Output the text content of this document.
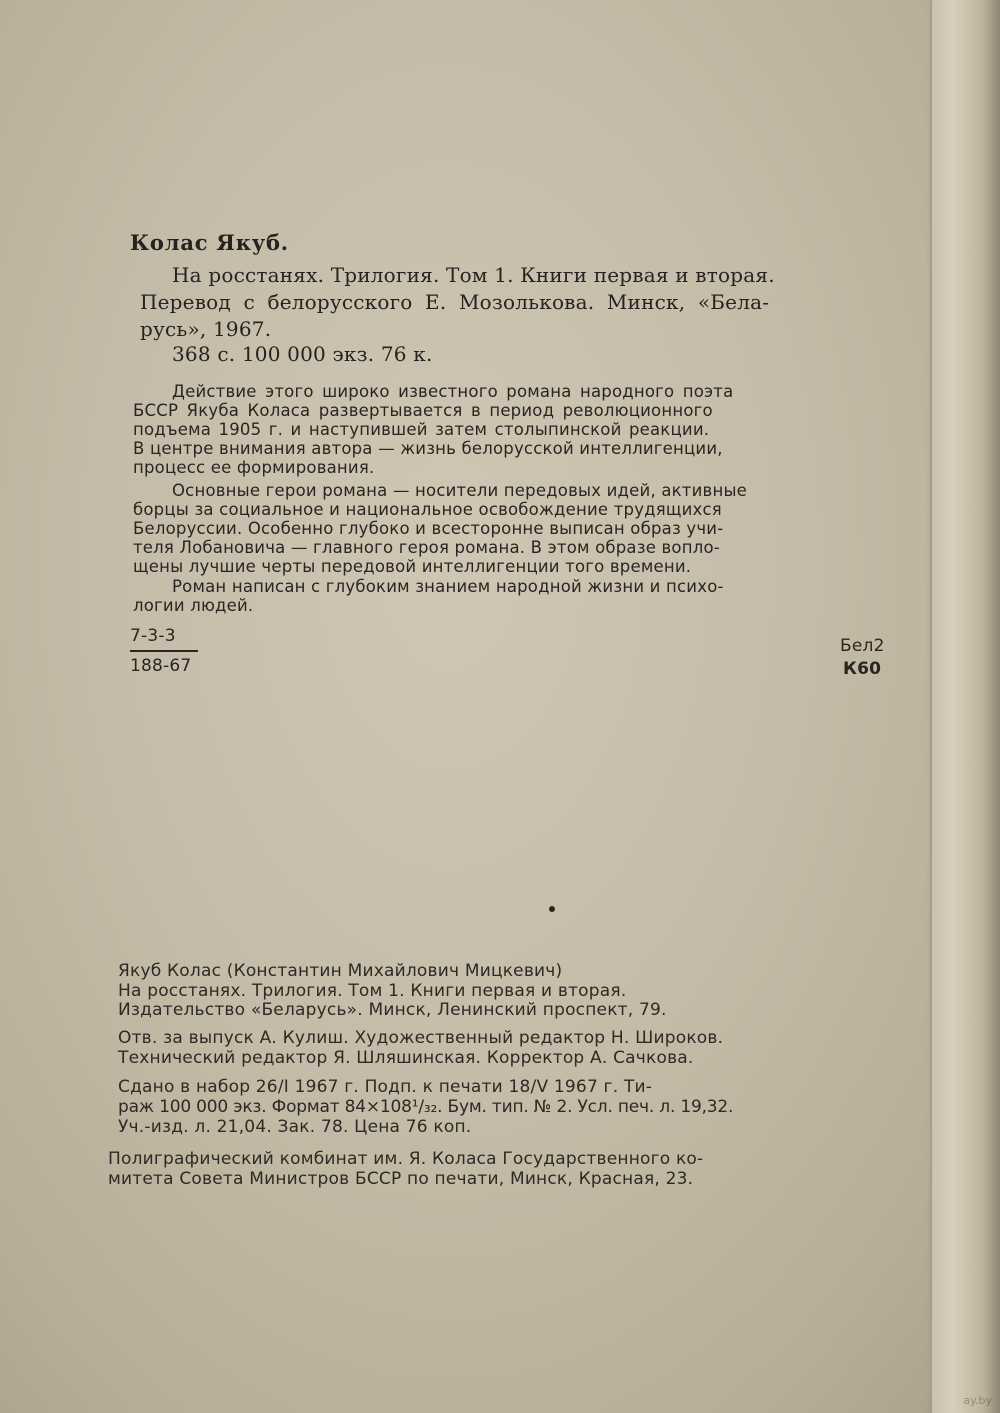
Колас Якуб.
На росстанях. Трилогия. Том 1. Книги первая и вторая.
Перевод с белорусского Е. Мозолькова. Минск, «Бела-
русь», 1967.
368 с. 100 000 экз. 76 к.
Действие этого широко известного романа народного поэта
БССР Якуба Коласа развертывается в период революционного
подъема 1905 г. и наступившей затем столыпинской реакции.
В центре внимания автора — жизнь белорусской интеллигенции,
процесс ее формирования.
Основные герои романа — носители передовых идей, активные
борцы за социальное и национальное освобождение трудящихся
Белоруссии. Особенно глубоко и всесторонне выписан образ учи-
теля Лобановича — главного героя романа. В этом образе вопло-
щены лучшие черты передовой интеллигенции того времени.
Роман написан с глубоким знанием народной жизни и психо-
логии людей.
7-3-3
188-67
Бел2
К60
Якуб Колас (Константин Михайлович Мицкевич)
На росстанях. Трилогия. Том 1. Книги первая и вторая.
Издательство «Беларусь». Минск, Ленинский проспект, 79.
Отв. за выпуск А. Кулиш. Художественный редактор Н. Широков.
Технический редактор Я. Шляшинская. Корректор А. Сачкова.
Сдано в набор 26/I 1967 г. Подп. к печати 18/V 1967 г. Ти-
раж 100 000 экз. Формат 84×108¹/₃₂. Бум. тип. № 2. Усл. печ. л. 19,32.
Уч.-изд. л. 21,04. Зак. 78. Цена 76 коп.
Полиграфический комбинат им. Я. Коласа Государственного ко-
митета Совета Министров БССР по печати, Минск, Красная, 23.
ay.by
